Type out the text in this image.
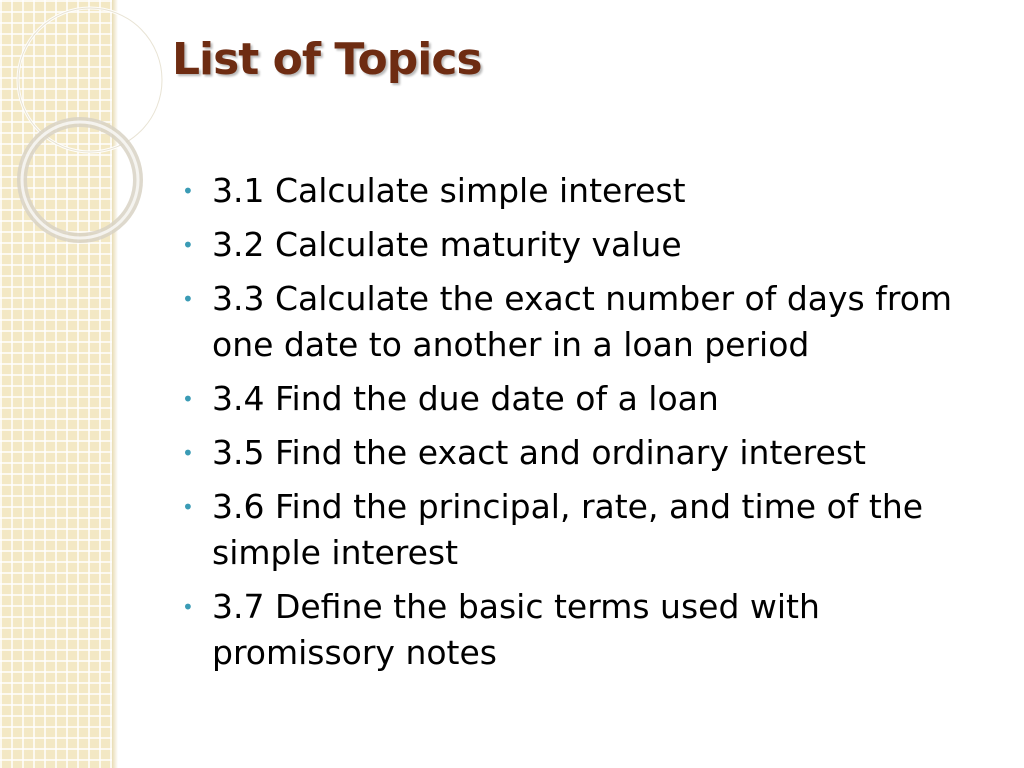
List of Topics
• 3.1 Calculate simple interest
• 3.2 Calculate maturity value
• 3.3 Calculate the exact number of days from one date to another in a loan period
• 3.4 Find the due date of a loan
• 3.5 Find the exact and ordinary interest
• 3.6 Find the principal, rate, and time of the simple interest
• 3.7 Define the basic terms used with promissory notes
